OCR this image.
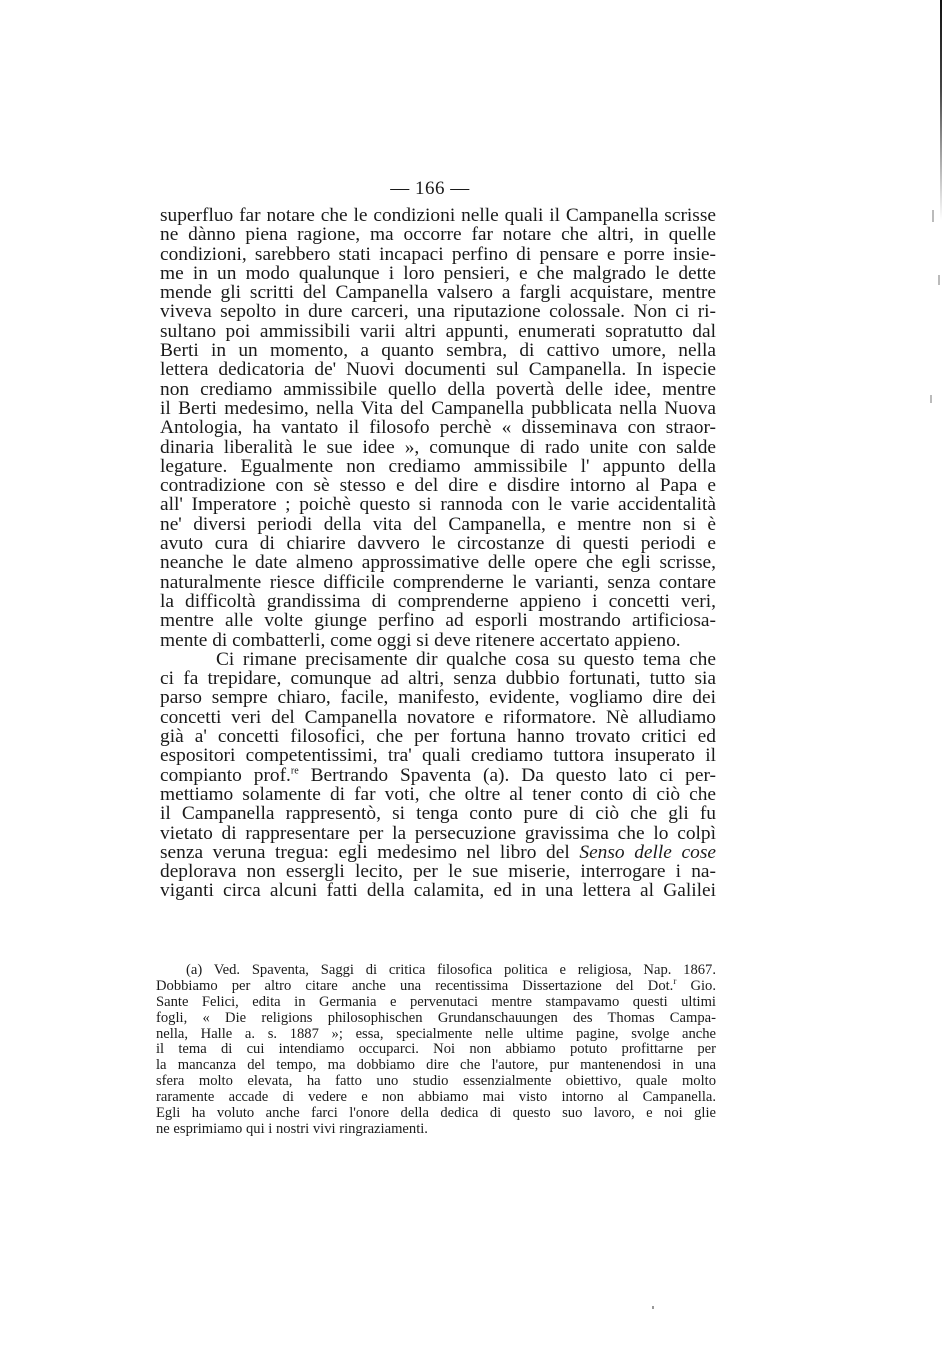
— 166 —
superfluo far notare che le condizioni nelle quali il Campanella scrisse
ne dànno piena ragione, ma occorre far notare che altri, in quelle
condizioni, sarebbero stati incapaci perfino di pensare e porre insie-
me in un modo qualunque i loro pensieri, e che malgrado le dette
mende gli scritti del Campanella valsero a fargli acquistare, mentre
viveva sepolto in dure carceri, una riputazione colossale. Non ci ri-
sultano poi ammissibili varii altri appunti, enumerati sopratutto dal
Berti in un momento, a quanto sembra, di cattivo umore, nella
lettera dedicatoria de' Nuovi documenti sul Campanella. In ispecie
non crediamo ammissibile quello della povertà delle idee, mentre
il Berti medesimo, nella Vita del Campanella pubblicata nella Nuova
Antologia, ha vantato il filosofo perchè « disseminava con straor-
dinaria liberalità le sue idee », comunque di rado unite con salde
legature. Egualmente non crediamo ammissibile l' appunto della
contradizione con sè stesso e del dire e disdire intorno al Papa e
all' Imperatore ; poichè questo si rannoda con le varie accidentalità
ne' diversi periodi della vita del Campanella, e mentre non si è
avuto cura di chiarire davvero le circostanze di questi periodi e
neanche le date almeno approssimative delle opere che egli scrisse,
naturalmente riesce difficile comprenderne le varianti, senza contare
la difficoltà grandissima di comprenderne appieno i concetti veri,
mentre alle volte giunge perfino ad esporli mostrando artificiosa-
mente di combatterli, come oggi si deve ritenere accertato appieno.
Ci rimane precisamente dir qualche cosa su questo tema che
ci fa trepidare, comunque ad altri, senza dubbio fortunati, tutto sia
parso sempre chiaro, facile, manifesto, evidente, vogliamo dire dei
concetti veri del Campanella novatore e riformatore. Nè alludiamo
già a' concetti filosofici, che per fortuna hanno trovato critici ed
espositori competentissimi, tra' quali crediamo tuttora insuperato il
compianto prof.$^{re}$ Bertrando Spaventa (a). Da questo lato ci per-
mettiamo solamente di far voti, che oltre al tener conto di ciò che
il Campanella rappresentò, si tenga conto pure di ciò che gli fu
vietato di rappresentare per la persecuzione gravissima che lo colpì
senza veruna tregua: egli medesimo nel libro del Senso delle cose
deplorava non essergli lecito, per le sue miserie, interrogare i na-
viganti circa alcuni fatti della calamita, ed in una lettera al Galilei
(a) Ved. Spaventa, Saggi di critica filosofica politica e religiosa, Nap. 1867.
Dobbiamo per altro citare anche una recentissima Dissertazione del Dot.$^r$ Gio.
Sante Felici, edita in Germania e pervenutaci mentre stampavamo questi ultimi
fogli, « Die religions philosophischen Grundanschauungen des Thomas Campa-
nella, Halle a. s. 1887 »; essa, specialmente nelle ultime pagine, svolge anche
il tema di cui intendiamo occuparci. Noi non abbiamo potuto profittarne per
la mancanza del tempo, ma dobbiamo dire che l'autore, pur mantenendosi in una
sfera molto elevata, ha fatto uno studio essenzialmente obiettivo, quale molto
raramente accade di vedere e non abbiamo mai visto intorno al Campanella.
Egli ha voluto anche farci l'onore della dedica di questo suo lavoro, e noi glie
ne esprimiamo qui i nostri vivi ringraziamenti.
